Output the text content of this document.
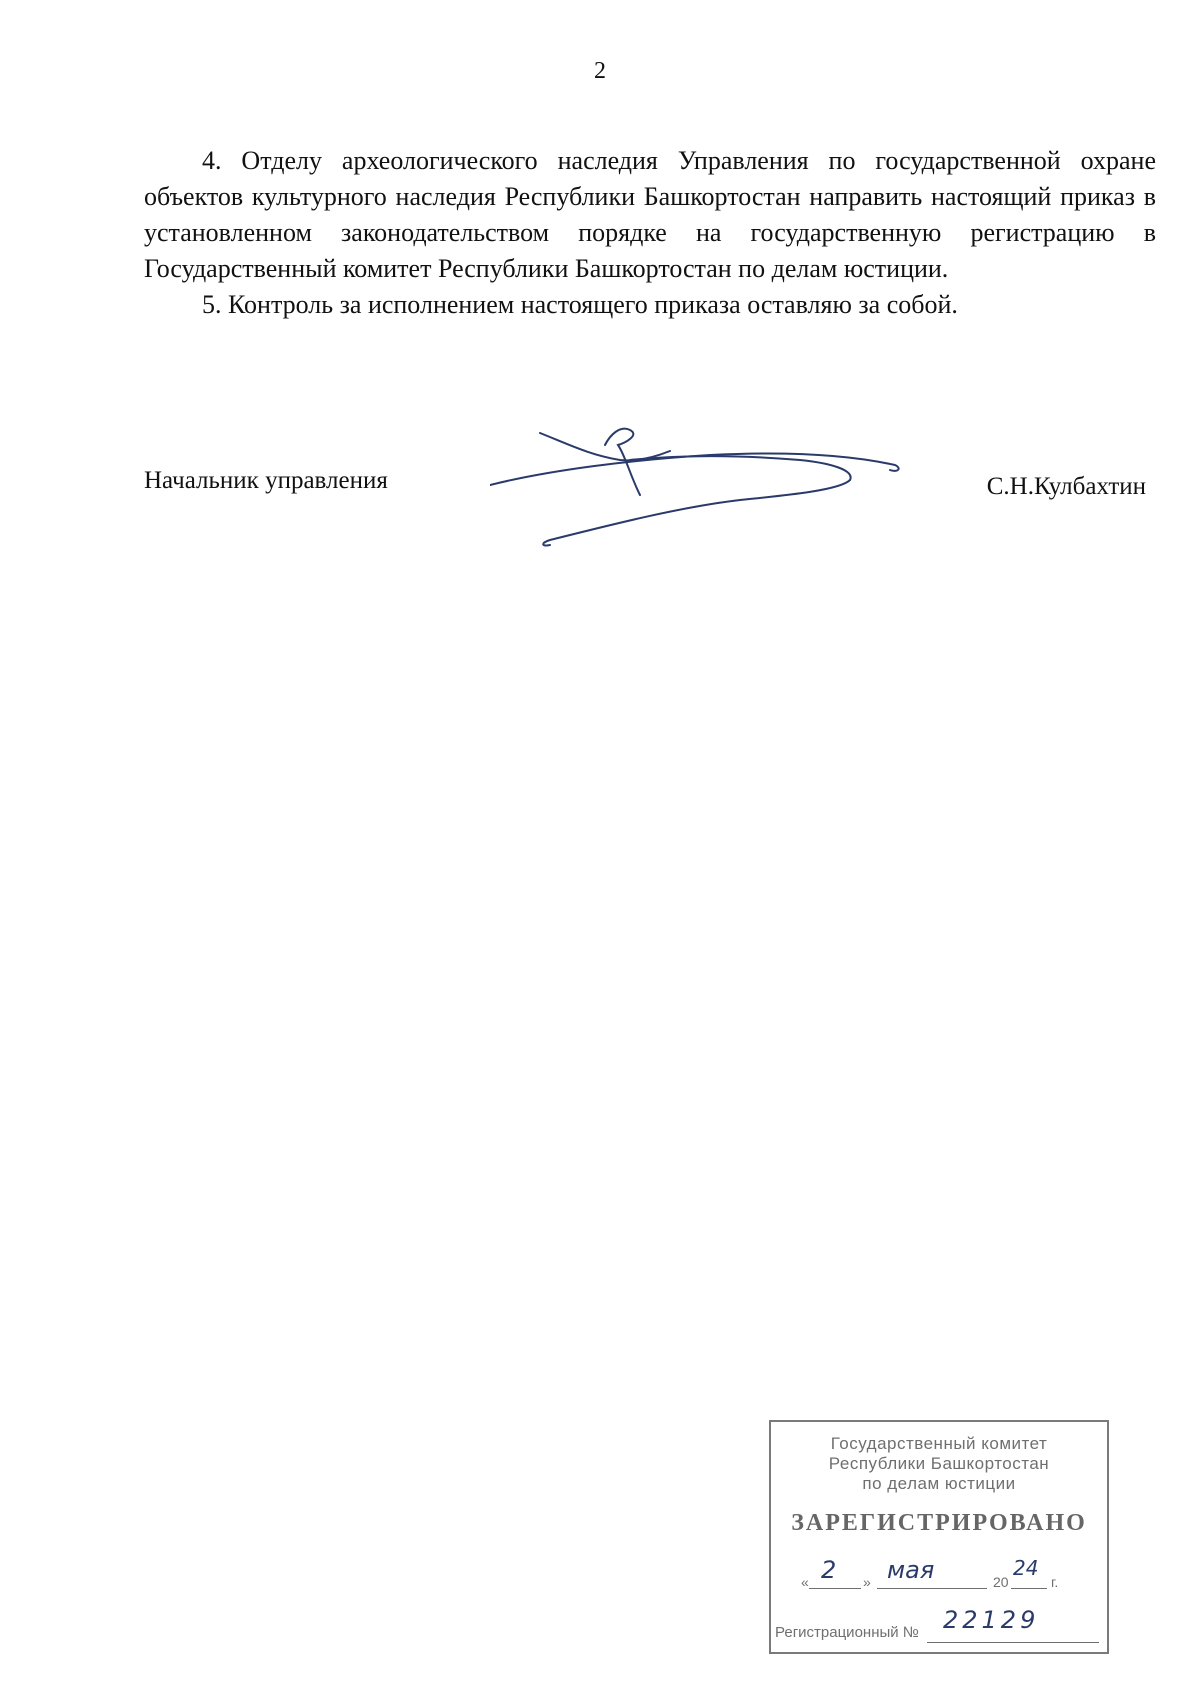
2

4. Отделу археологического наследия Управления по государственной охране объектов культурного наследия Республики Башкортостан направить настоящий приказ в установленном законодательством порядке на государственную регистрацию в Государственный комитет Республики Башкортостан по делам юстиции.

5. Контроль за исполнением настоящего приказа оставляю за собой.

Начальник управления	С.Н.Кулбахтин
Государственный комитет
Республики Башкортостан
по делам юстиции
ЗАРЕГИСТРИРОВАНО
« 2 » мая	20
24
г.
Регистрационный № 22129
